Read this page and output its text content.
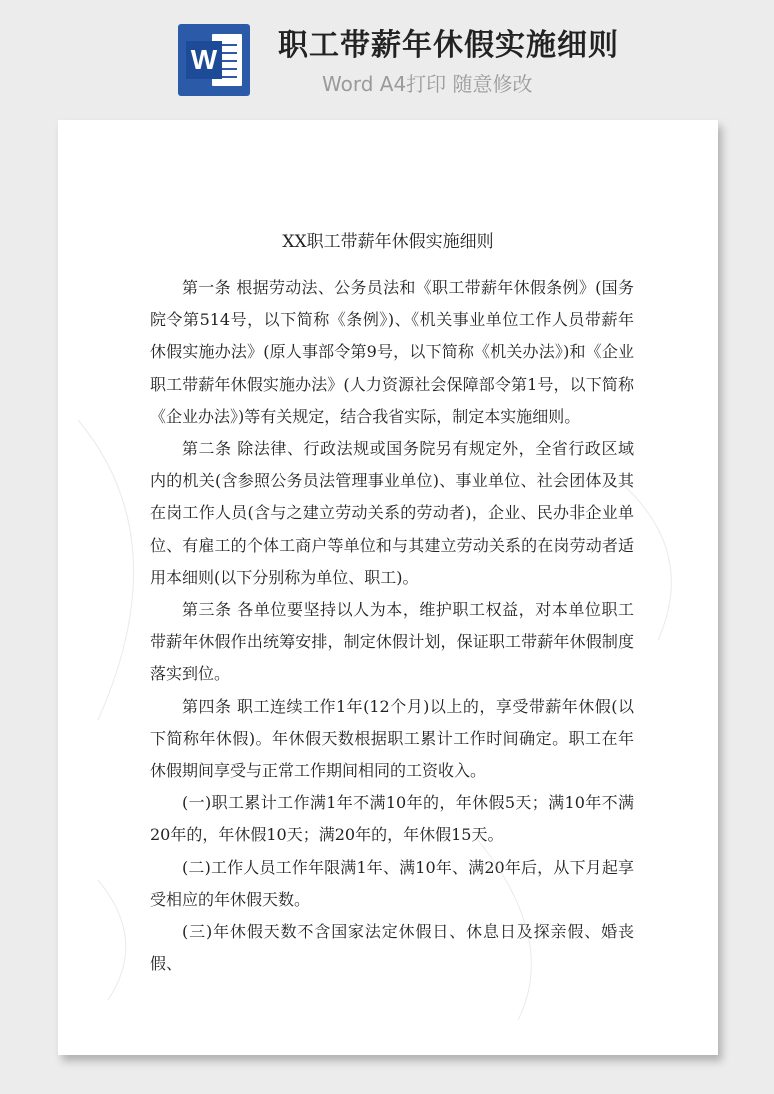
W 职工带薪年休假实施细则
Word A4打印 随意修改
XX职工带薪年休假实施细则

第一条 根据劳动法、公务员法和《职工带薪年休假条例》(国务院令第514号，以下简称《条例》)、《机关事业单位工作人员带薪年休假实施办法》(原人事部令第9号，以下简称《机关办法》)和《企业职工带薪年休假实施办法》(人力资源社会保障部令第1号，以下简称《企业办法》)等有关规定，结合我省实际，制定本实施细则。

第二条 除法律、行政法规或国务院另有规定外，全省行政区域内的机关(含参照公务员法管理事业单位)、事业单位、社会团体及其在岗工作人员(含与之建立劳动关系的劳动者)，企业、民办非企业单位、有雇工的个体工商户等单位和与其建立劳动关系的在岗劳动者适用本细则(以下分别称为单位、职工)。

第三条 各单位要坚持以人为本，维护职工权益，对本单位职工带薪年休假作出统筹安排，制定休假计划，保证职工带薪年休假制度落实到位。

第四条 职工连续工作1年(12个月)以上的，享受带薪年休假(以下简称年休假)。年休假天数根据职工累计工作时间确定。职工在年休假期间享受与正常工作期间相同的工资收入。

(一)职工累计工作满1年不满10年的，年休假5天；满10年不满20年的，年休假10天；满20年的，年休假15天。

(二)工作人员工作年限满1年、满10年、满20年后，从下月起享受相应的年休假天数。

(三)年休假天数不含国家法定休假日、休息日及探亲假、婚丧假、
